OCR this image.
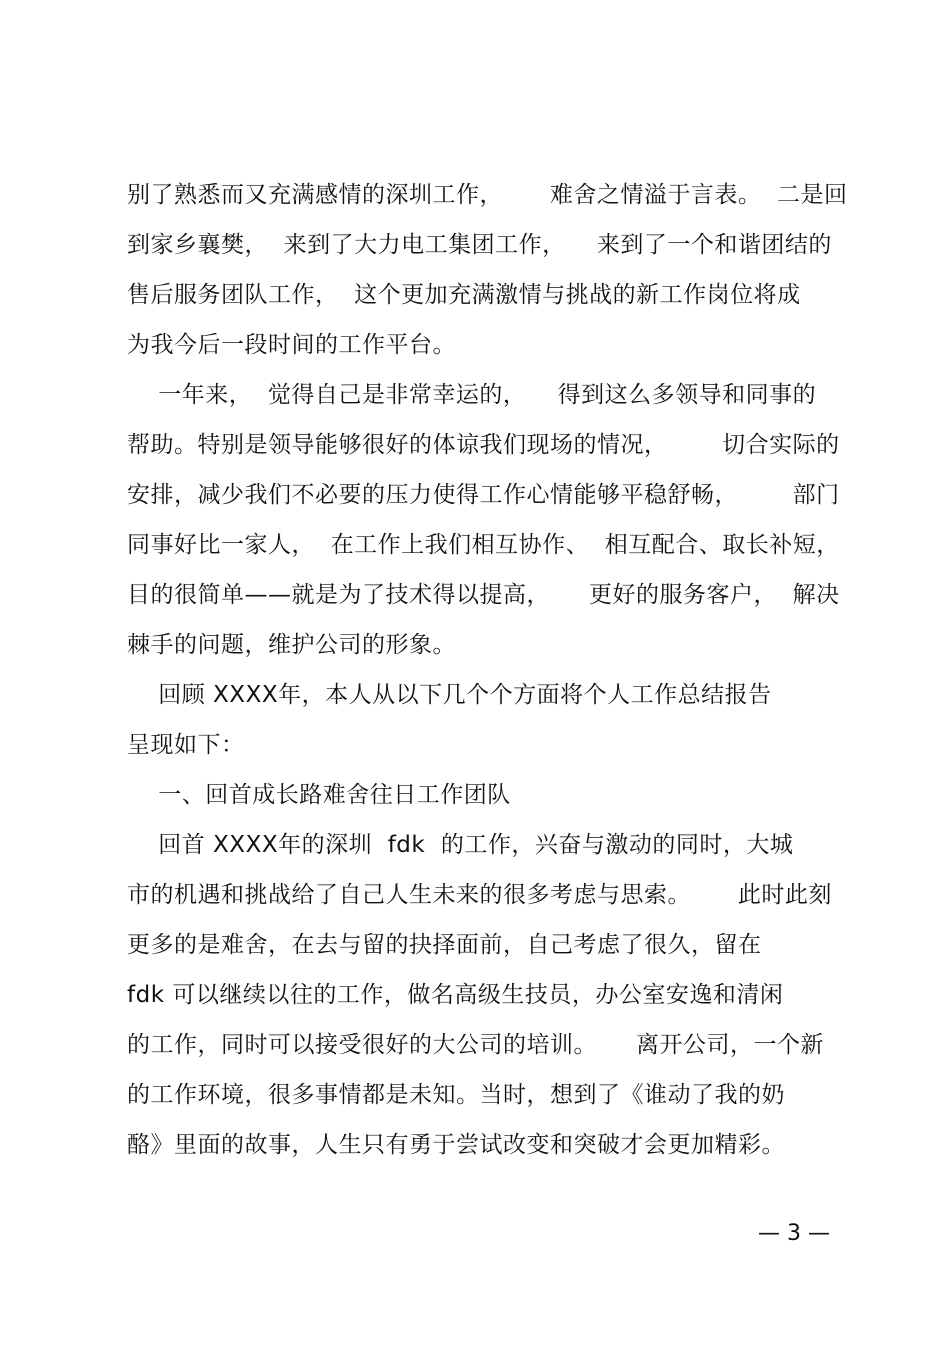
别了熟悉而又充满感情的深圳工作，      难舍之情溢于言表。  二是回
到家乡襄樊，  来到了大力电工集团工作，    来到了一个和谐团结的
售后服务团队工作，  这个更加充满激情与挑战的新工作岗位将成
为我今后一段时间的工作平台。
一年来，  觉得自己是非常幸运的，    得到这么多领导和同事的
帮助。特别是领导能够很好的体谅我们现场的情况，       切合实际的
安排，减少我们不必要的压力使得工作心情能够平稳舒畅，       部门
同事好比一家人，  在工作上我们相互协作、  相互配合、取长补短，
目的很简单——就是为了技术得以提高，     更好的服务客户，  解决
棘手的问题，维护公司的形象。
回顾 XXXX年，本人从以下几个个方面将个人工作总结报告
呈现如下：
一、回首成长路难舍往日工作团队
回首 XXXX年的深圳  fdk  的工作，兴奋与激动的同时，大城
市的机遇和挑战给了自己人生未来的很多考虑与思索。      此时此刻
更多的是难舍，在去与留的抉择面前，自己考虑了很久，留在
fdk 可以继续以往的工作，做名高级生技员，办公室安逸和清闲
的工作，同时可以接受很好的大公司的培训。     离开公司，一个新
的工作环境，很多事情都是未知。当时，想到了《谁动了我的奶
酪》里面的故事，人生只有勇于尝试改变和突破才会更加精彩。
— 3 —
